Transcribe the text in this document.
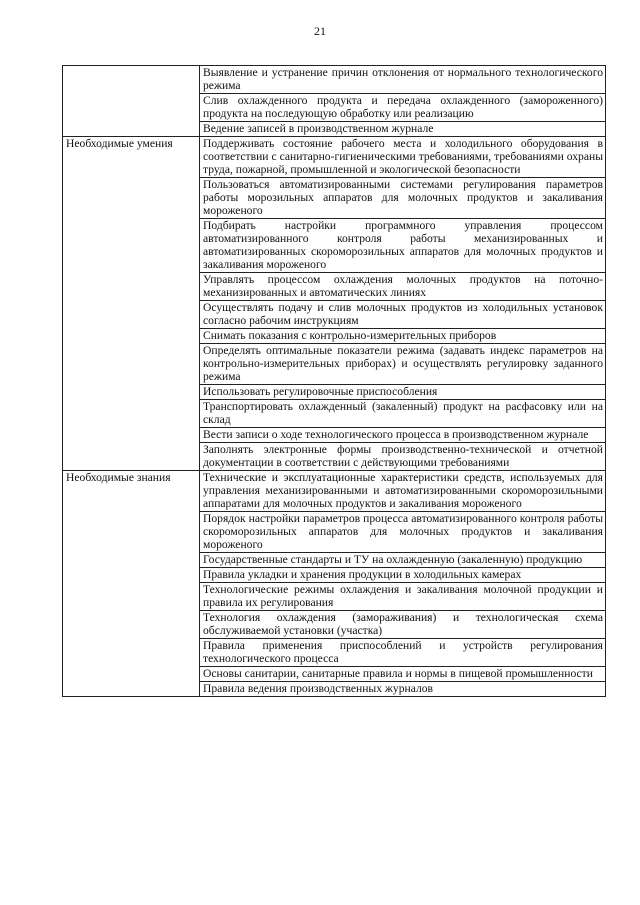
21
	Выявление и устранение причин отклонения от нормального технологического режима
	Слив охлажденного продукта и передача охлажденного (замороженного) продукта на последующую обработку или реализацию
	Ведение записей в производственном журнале
Необходимые умения	Поддерживать состояние рабочего места и холодильного оборудования в соответствии с санитарно-гигиеническими требованиями, требованиями охраны труда, пожарной, промышленной и экологической безопасности
	Пользоваться автоматизированными системами регулирования параметров работы морозильных аппаратов для молочных продуктов и закаливания мороженого
	Подбирать настройки программного управления процессом автоматизированного контроля работы механизированных и автоматизированных скороморозильных аппаратов для молочных продуктов и закаливания мороженого
	Управлять процессом охлаждения молочных продуктов на поточно-механизированных и автоматических линиях
	Осуществлять подачу и слив молочных продуктов из холодильных установок согласно рабочим инструкциям
	Снимать показания с контрольно-измерительных приборов
	Определять оптимальные показатели режима (задавать индекс параметров на контрольно-измерительных приборах) и осуществлять регулировку заданного режима
	Использовать регулировочные приспособления
	Транспортировать охлажденный (закаленный) продукт на расфасовку или на склад
	Вести записи о ходе технологического процесса в производственном журнале
	Заполнять электронные формы производственно-технической и отчетной документации в соответствии с действующими требованиями
Необходимые знания	Технические и эксплуатационные характеристики средств, используемых для управления механизированными и автоматизированными скороморозильными аппаратами для молочных продуктов и закаливания мороженого
	Порядок настройки параметров процесса автоматизированного контроля работы скороморозильных аппаратов для молочных продуктов и закаливания мороженого
	Государственные стандарты и ТУ на охлажденную (закаленную) продукцию
	Правила укладки и хранения продукции в холодильных камерах
	Технологические режимы охлаждения и закаливания молочной продукции и правила их регулирования
	Технология охлаждения (замораживания) и технологическая схема обслуживаемой установки (участка)
	Правила применения приспособлений и устройств регулирования технологического процесса
	Основы санитарии, санитарные правила и нормы в пищевой промышленности
	Правила ведения производственных журналов
